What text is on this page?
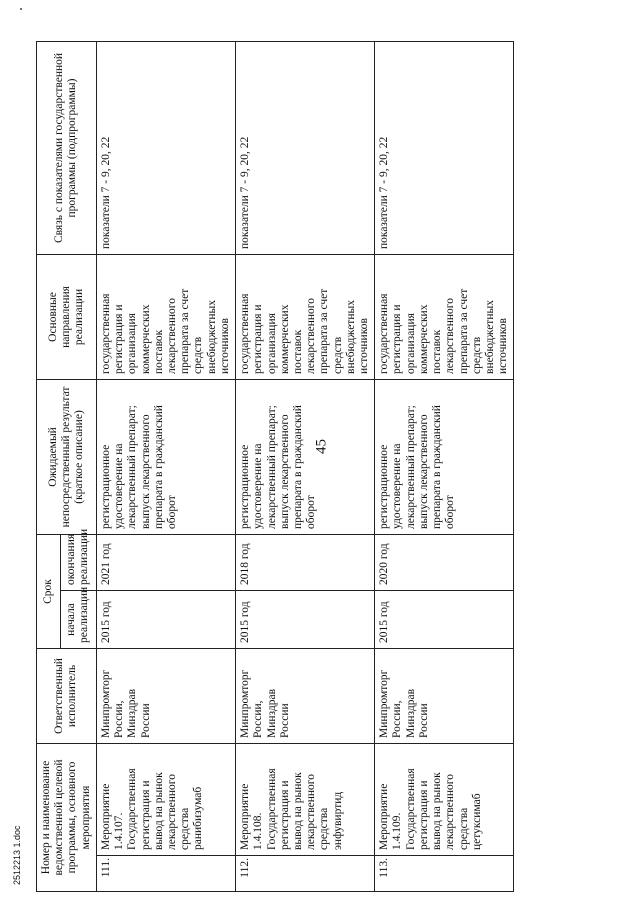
45
Номер и наименование ведомственной целевой программы, основного мероприятия		Ответственный исполнитель	Срок		Ожидаемый непосредственный результат (краткое описание)	Основные направления реализации	Связь с показателями государственной программы (подпрограммы)
			начала реализации	окончания реализации			
111.	Мероприятие 1.4.107. Государственная регистрация и вывод на рынок лекарственного средства ранибизумаб	Минпромторг России, Минздрав России	2015 год	2021 год	регистрационное удостоверение на лекарственный препарат; выпуск лекарственного препарата в гражданский оборот	государственная регистрация и организация коммерческих поставок лекарственного препарата за счет средств внебюджетных источников	показатели 7 - 9, 20, 22
112.	Мероприятие 1.4.108. Государственная регистрация и вывод на рынок лекарственного средства энфувиртид	Минпромторг России, Минздрав России	2015 год	2018 год	регистрационное удостоверение на лекарственный препарат; выпуск лекарственного препарата в гражданский оборот	государственная регистрация и организация коммерческих поставок лекарственного препарата за счет средств внебюджетных источников	показатели 7 - 9, 20, 22
113.	Мероприятие 1.4.109. Государственная регистрация и вывод на рынок лекарственного средства цетуксимаб	Минпромторг России, Минздрав России	2015 год	2020 год	регистрационное удостоверение на лекарственный препарат; выпуск лекарственного препарата в гражданский оборот	государственная регистрация и организация коммерческих поставок лекарственного препарата за счет средств внебюджетных источников	показатели 7 - 9, 20, 22
2512213 1.doc
